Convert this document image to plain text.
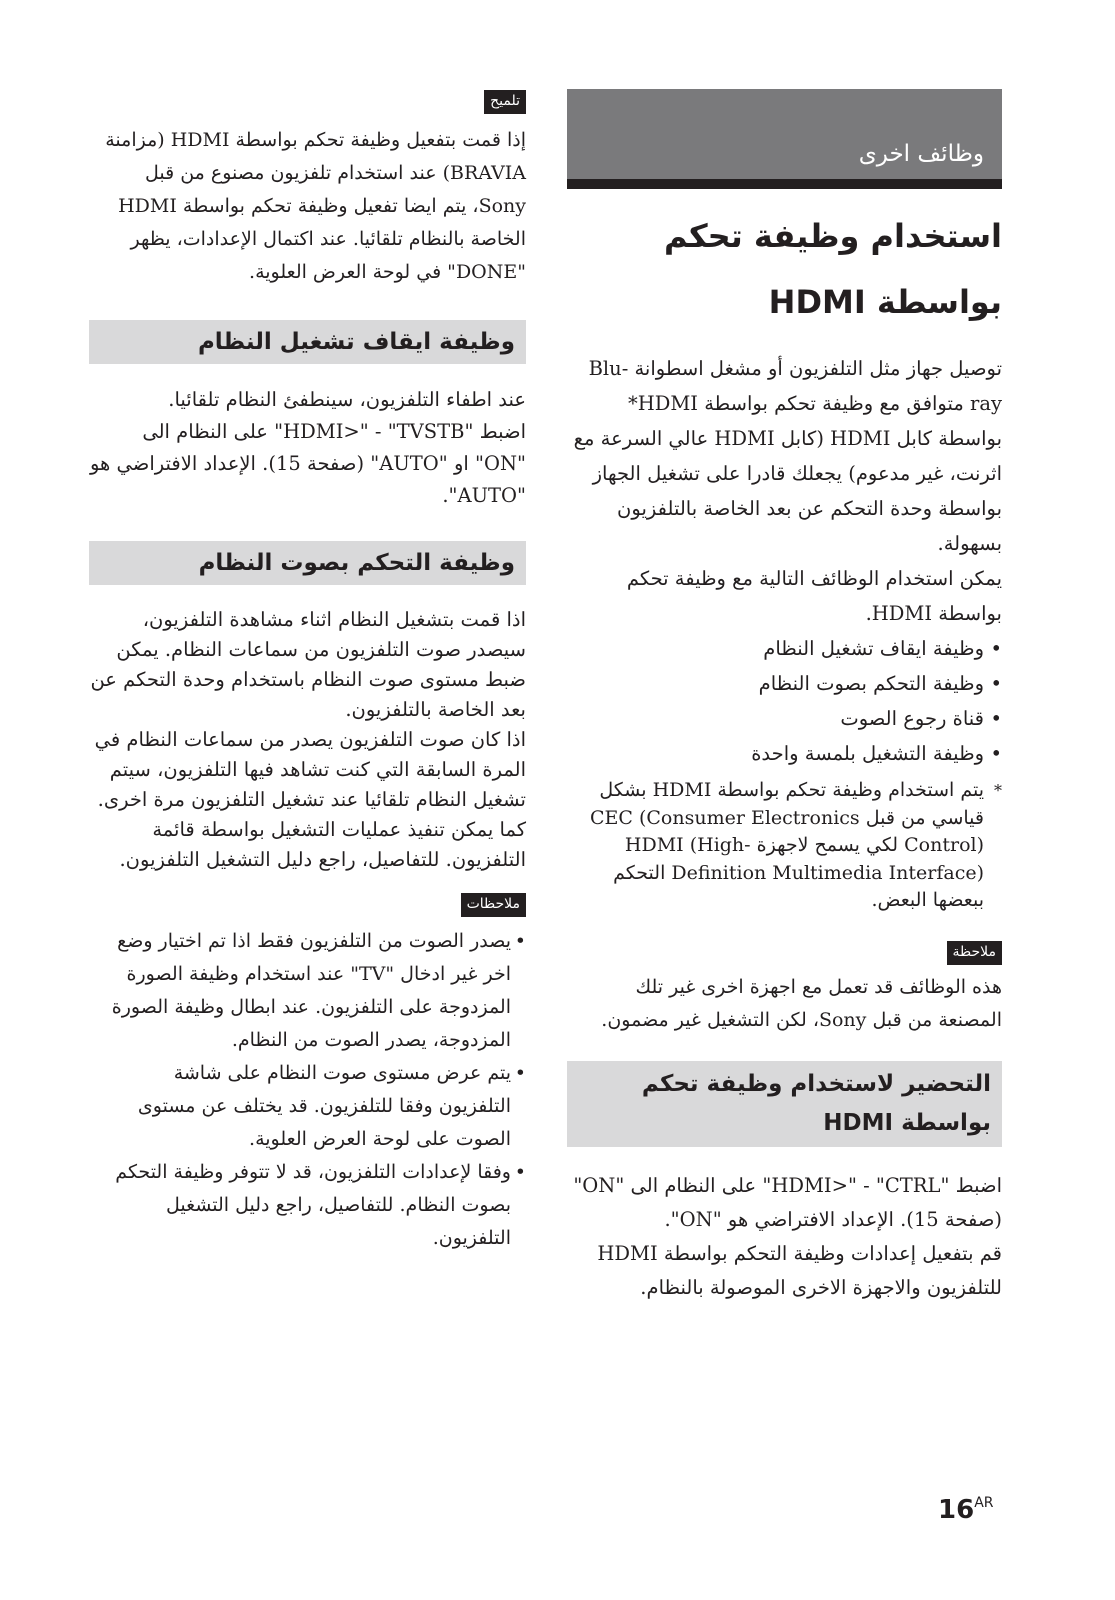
وظائف اخرى
استخدام وظيفة تحكم بواسطة HDMI

توصيل جهاز مثل التلفزيون أو مشغل اسطوانة Blu-ray متوافق مع وظيفة تحكم بواسطة HDMI* بواسطة كابل HDMI (كابل HDMI عالي السرعة مع اثرنت، غير مدعوم) يجعلك قادرا على تشغيل الجهاز بواسطة وحدة التحكم عن بعد الخاصة بالتلفزيون بسهولة.

يمكن استخدام الوظائف التالية مع وظيفة تحكم بواسطة HDMI.

• وظيفة ايقاف تشغيل النظام
• وظيفة التحكم بصوت النظام
• قناة رجوع الصوت
• وظيفة التشغيل بلمسة واحدة
*
يتم استخدام وظيفة تحكم بواسطة HDMI بشكل قياسي من قبل CEC (Consumer Electronics Control) لكي يسمح لاجهزة HDMI (High-Definition Multimedia Interface) التحكم ببعضها البعض.
ملاحظة

هذه الوظائف قد تعمل مع اجهزة اخرى غير تلك المصنعة من قبل Sony، لكن التشغيل غير مضمون.

التحضير لاستخدام وظيفة تحكم بواسطة HDMI

اضبط "HDMI>" - "CTRL" على النظام الى "ON" (صفحة 15). الإعداد الافتراضي هو "ON".

قم بتفعيل إعدادات وظيفة التحكم بواسطة HDMI للتلفزيون والاجهزة الاخرى الموصولة بالنظام.

تلميح

إذا قمت بتفعيل وظيفة تحكم بواسطة HDMI (مزامنة BRAVIA) عند استخدام تلفزيون مصنوع من قبل Sony، يتم ايضا تفعيل وظيفة تحكم بواسطة HDMI الخاصة بالنظام تلقائيا. عند اكتمال الإعدادات، يظهر "DONE" في لوحة العرض العلوية.

وظيفة ايقاف تشغيل النظام

عند اطفاء التلفزيون، سينطفئ النظام تلقائيا.

اضبط "HDMI>" - "TVSTB" على النظام الى "ON" او "AUTO" (صفحة 15). الإعداد الافتراضي هو "AUTO".

وظيفة التحكم بصوت النظام

اذا قمت بتشغيل النظام اثناء مشاهدة التلفزيون، سيصدر صوت التلفزيون من سماعات النظام. يمكن ضبط مستوى صوت النظام باستخدام وحدة التحكم عن بعد الخاصة بالتلفزيون.

اذا كان صوت التلفزيون يصدر من سماعات النظام في المرة السابقة التي كنت تشاهد فيها التلفزيون، سيتم تشغيل النظام تلقائيا عند تشغيل التلفزيون مرة اخرى.

كما يمكن تنفيذ عمليات التشغيل بواسطة قائمة التلفزيون. للتفاصيل، راجع دليل التشغيل التلفزيون.

ملاحظات
• يصدر الصوت من التلفزيون فقط اذا تم اختيار وضع اخر غير ادخال "TV" عند استخدام وظيفة الصورة المزدوجة على التلفزيون. عند ابطال وظيفة الصورة المزدوجة، يصدر الصوت من النظام.
• يتم عرض مستوى صوت النظام على شاشة التلفزيون وفقا للتلفزيون. قد يختلف عن مستوى الصوت على لوحة العرض العلوية.
• وفقا لإعدادات التلفزيون، قد لا تتوفر وظيفة التحكم بصوت النظام. للتفاصيل، راجع دليل التشغيل التلفزيون.
16AR
